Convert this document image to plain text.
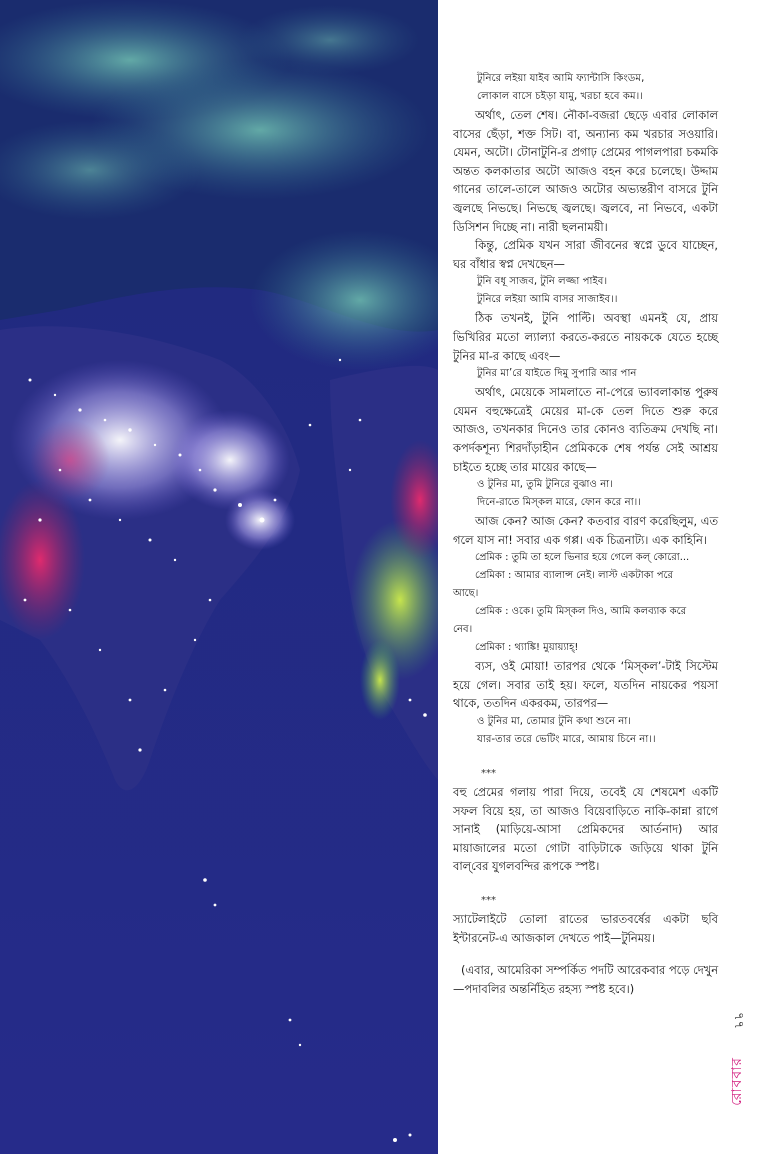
টুনিরে লইয়া যাইব আমি ফ্যান্টাসি কিংডম,

লোকাল বাসে চইড়া যামু, খরচা হবে কম।।

অর্থাৎ, তেল শেষ। নৌকা-বজরা ছেড়ে এবার লোকাল বাসের ছেঁড়া, শক্ত সিট। বা, অন্যান্য কম খরচার সওয়ারি। যেমন, অটো। টোনাটুনি-র প্রগাঢ় প্রেমের পাগলপারা চকমকি অন্তত কলকাতার অটো আজও বহন করে চলেছে। উদ্দাম গানের তালে-তালে আজও অটোর অভ্যন্তরীণ বাসরে টুনি জ্বলছে নিভছে। নিভছে জ্বলছে। জ্বলবে, না নিভবে, একটা ডিসিশন দিচ্ছে না। নারী ছলনাময়ী।

কিন্তু, প্রেমিক যখন সারা জীবনের স্বপ্নে ডুবে যাচ্ছেন, ঘর বাঁধার স্বপ্ন দেখছেন—

টুনি বধূ সাজব, টুনি লজ্জা পাইব।

টুনিরে লইয়া আমি বাসর সাজাইব।।

ঠিক তখনই, টুনি পাল্টি। অবস্থা এমনই যে, প্রায় ভিখিরির মতো ল্যাল্যা করতে-করতে নায়ককে যেতে হচ্ছে টুনির মা-র কাছে এবং—

টুনির মা’রে যাইতে দিমু সুপারি আর পান

অর্থাৎ, মেয়েকে সামলাতে না-পেরে ভ্যাবলাকান্ত পুরুষ যেমন বহুক্ষেত্রেই মেয়ের মা-কে তেল দিতে শুরু করে আজও, তখনকার দিনেও তার কোনও ব্যতিক্রম দেখছি না। কপর্দকশূন্য শিরদাঁড়াহীন প্রেমিককে শেষ পর্যন্ত সেই আশ্রয় চাইতে হচ্ছে তার মায়ের কাছে—

ও টুনির মা, তুমি টুনিরে বুঝাও না।

দিনে-রাতে মিস্‌কল মারে, ফোন করে না।।

আজ কেন? আজ কেন? কতবার বারণ করেছিলুম, এত গলে যাস না! সবার এক গপ্প। এক চিত্রনাট্য। এক কাহিনি।

প্রেমিক : তুমি তা হলে ভিনার হয়ে গেলে কল্ কোরো...

প্রেমিকা : আমার ব্যালান্স নেই। লাস্ট একটাকা পরে

আছে।

প্রেমিক : ওকে। তুমি মিস্‌কল দিও, আমি কলব্যাক করে

নেব।

প্রেমিকা : থ্যাঙ্কি! মুয়ায়্যাহ্!

ব্যস, ওই মোয়া! তারপর থেকে ‘মিস্‌কল’-টাই সিস্টেম হয়ে গেল। সবার তাই হয়। ফলে, যতদিন নায়কের পয়সা থাকে, ততদিন একরকম, তারপর—

ও টুনির মা, তোমার টুনি কথা শুনে না।

যার-তার তরে ভেটিং মারে, আমায় চিনে না।।

***

বহু প্রেমের গলায় পারা দিয়ে, তবেই যে শেষমেশ একটি সফল বিয়ে হয়, তা আজও বিয়েবাড়িতে নাকি-কান্না রাগে সানাই (মাড়িয়ে-আসা প্রেমিকদের আর্তনাদ) আর মায়াজালের মতো গোটা বাড়িটাকে জড়িয়ে থাকা টুনি বাল্‌বের যুগলবন্দির রূপকে স্পষ্ট।

***

স্যাটেলাইটে তোলা রাতের ভারতবর্ষের একটা ছবি ইন্টারনেট-এ আজকাল দেখতে পাই—টুনিময়।

(এবার, আমেরিকা সম্পর্কিত পদটি আরেকবার পড়ে দেখুন—পদাবলির অন্তর্নিহিত রহস্য স্পষ্ট হবে।)

৭৭
রোববার
